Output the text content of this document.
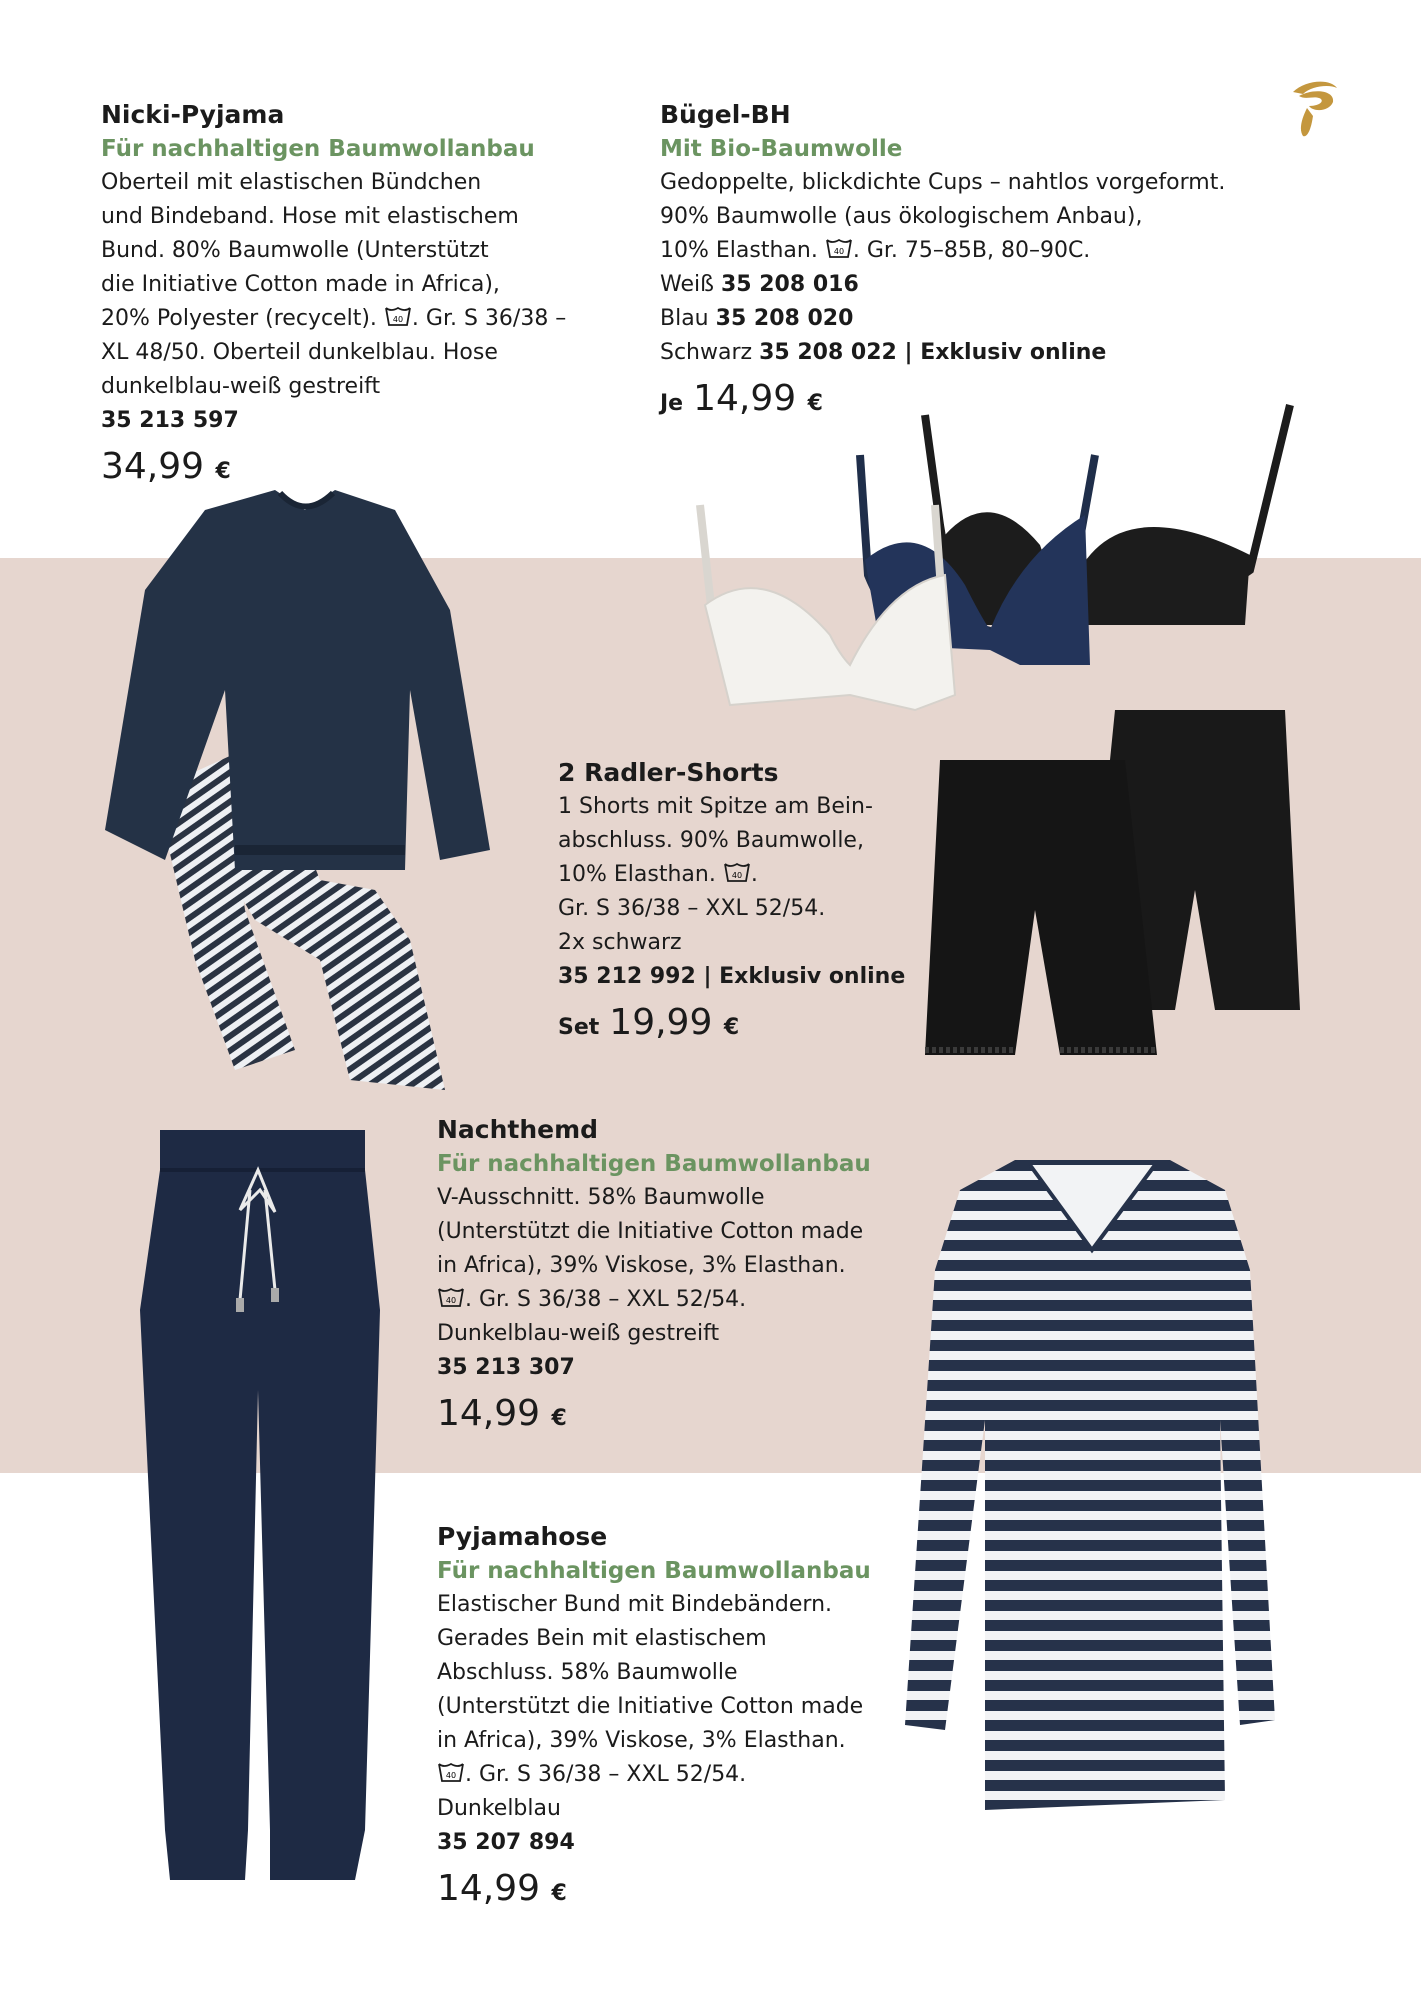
Nicki-Pyjama
Für nachhaltigen Baumwollanbau
Oberteil mit elastischen Bündchen
und Bindeband. Hose mit elastischem
Bund. 80% Baumwolle (Unterstützt
die Initiative Cotton made in Africa),
20% Polyester (recycelt). 40 . Gr. S 36/38 –
XL 48/50. Oberteil dunkelblau. Hose
dunkelblau-weiß gestreift
35 213 597
34,99 €
Bügel-BH
Mit Bio-Baumwolle
Gedoppelte, blickdichte Cups – nahtlos vorgeformt.
90% Baumwolle (aus ökologischem Anbau),
10% Elasthan. 40 . Gr. 75–85B, 80–90C.
Weiß 35 208 016
Blau 35 208 020
Schwarz 35 208 022 | Exklusiv online
Je 14,99 €
2 Radler-Shorts
1 Shorts mit Spitze am Bein-
abschluss. 90% Baumwolle,
10% Elasthan. 40 .
Gr. S 36/38 – XXL 52/54.
2x schwarz
35 212 992 | Exklusiv online
Set 19,99 €
Nachthemd
Für nachhaltigen Baumwollanbau
V-Ausschnitt. 58% Baumwolle
(Unterstützt die Initiative Cotton made
in Africa), 39% Viskose, 3% Elasthan.
40 . Gr. S 36/38 – XXL 52/54.
Dunkelblau-weiß gestreift
35 213 307
14,99 €
Pyjamahose
Für nachhaltigen Baumwollanbau
Elastischer Bund mit Bindebändern.
Gerades Bein mit elastischem
Abschluss. 58% Baumwolle
(Unterstützt die Initiative Cotton made
in Africa), 39% Viskose, 3% Elasthan.
40 . Gr. S 36/38 – XXL 52/54.
Dunkelblau
35 207 894
14,99 €
